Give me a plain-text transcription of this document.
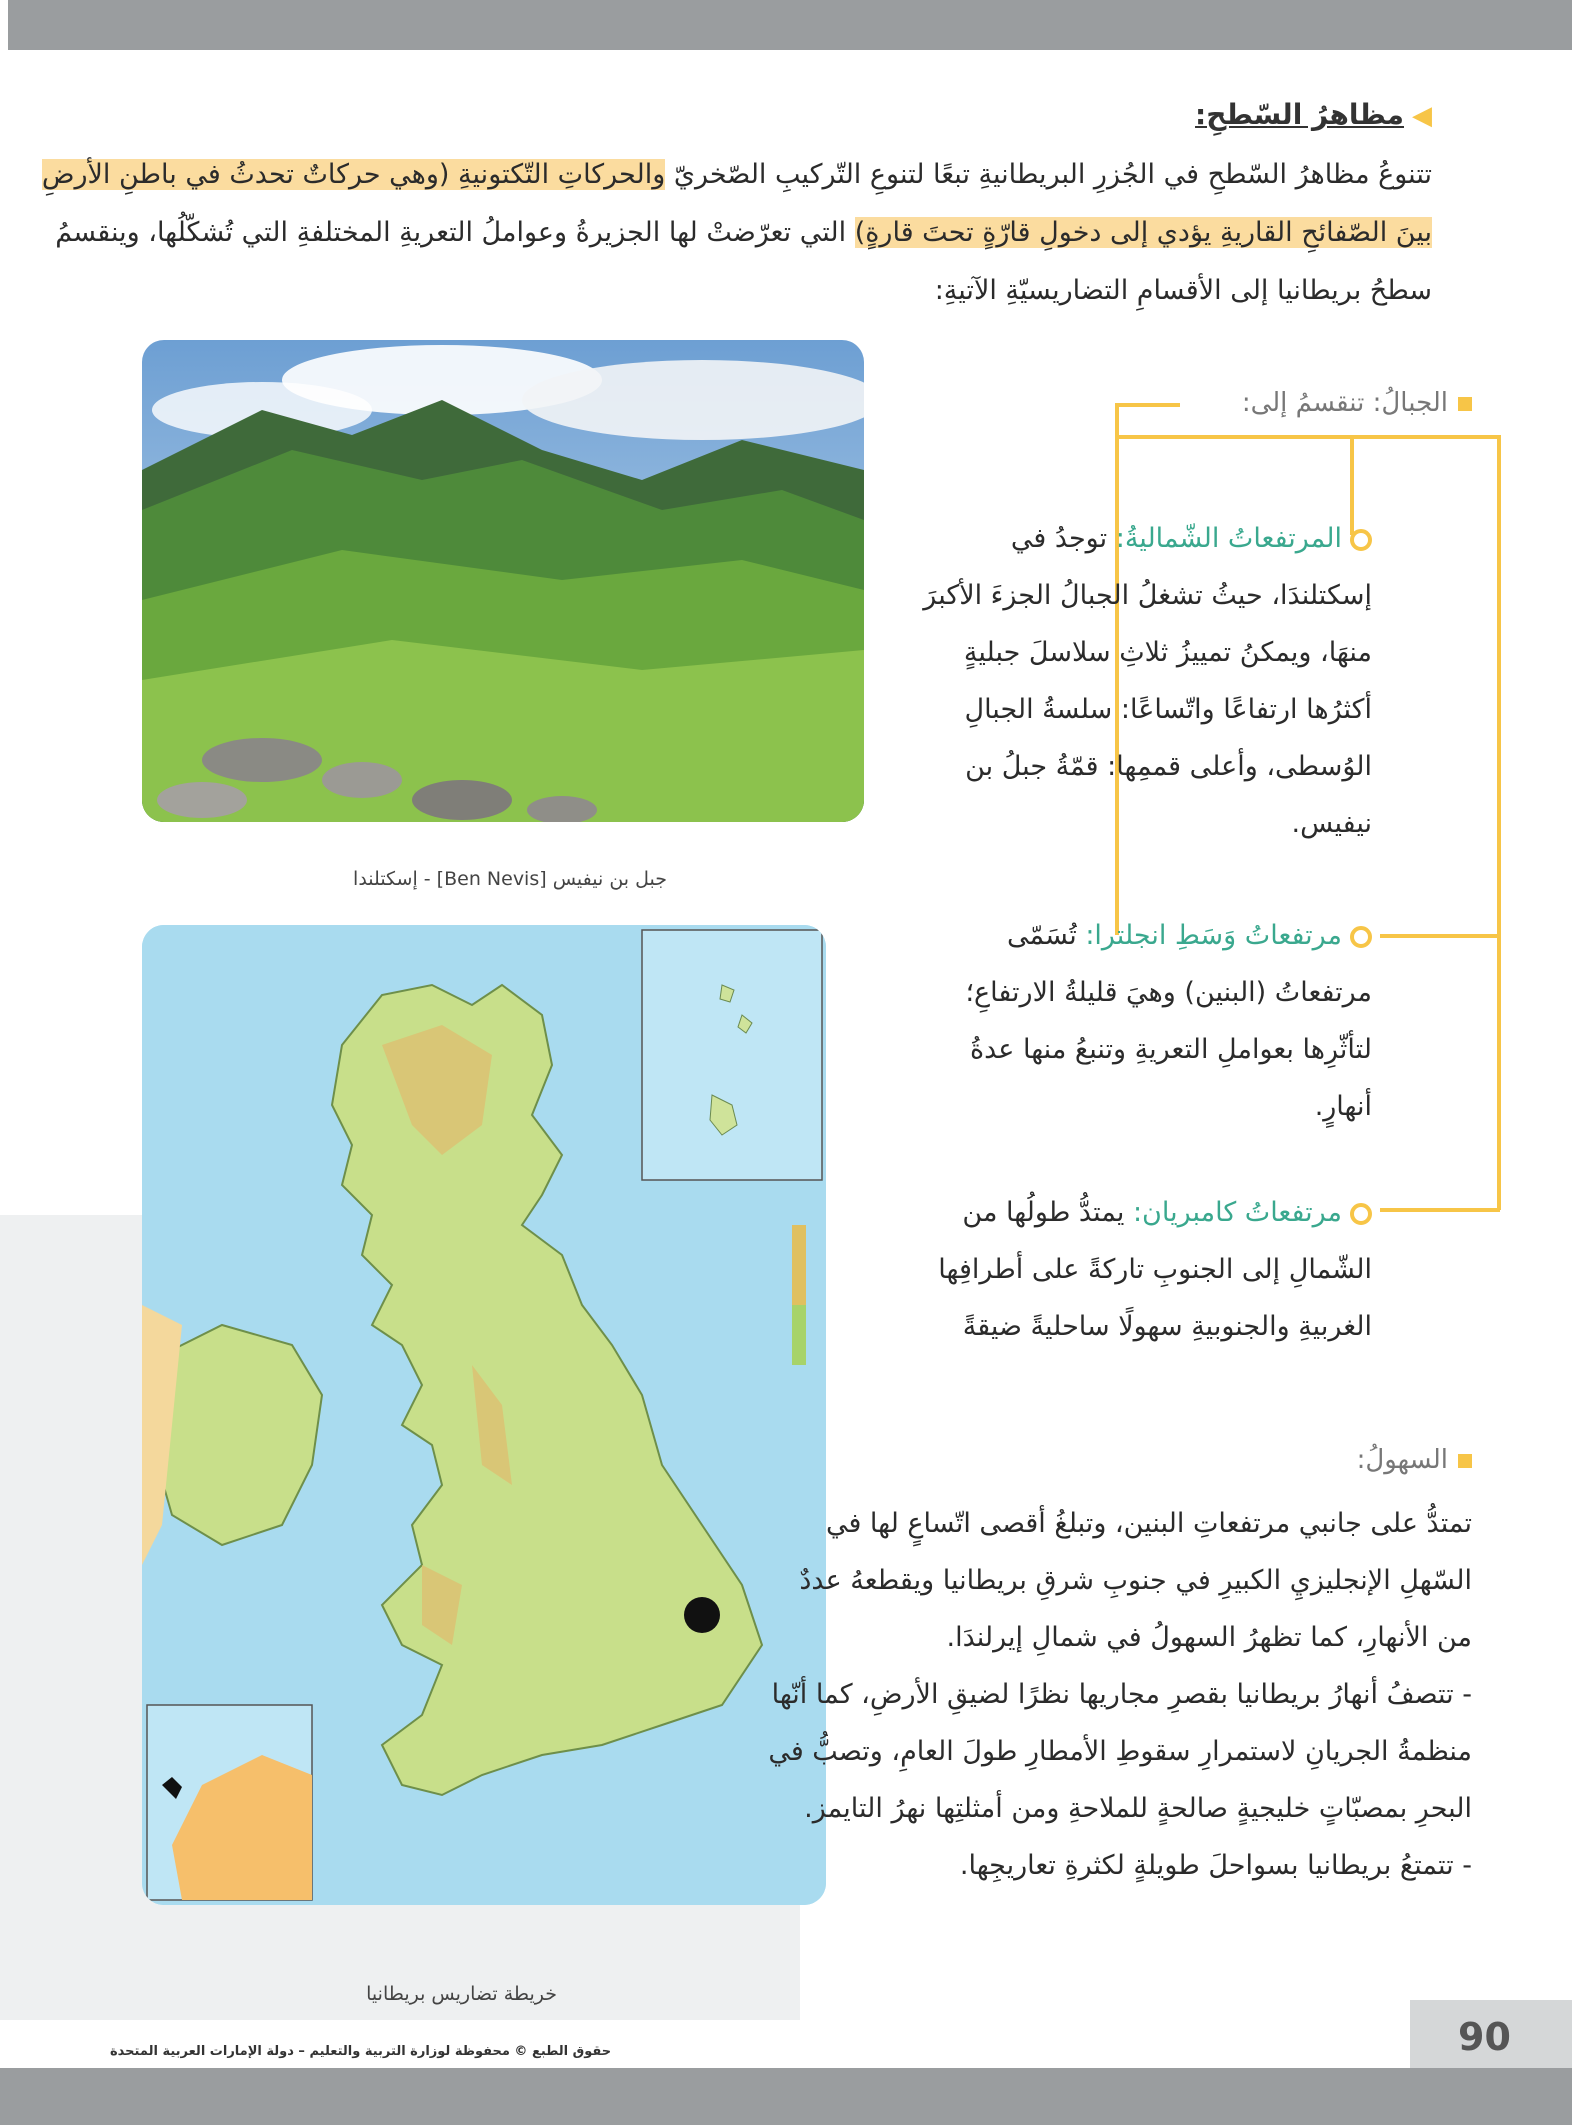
◀مظاهرُ السّطحِ:
تتنوعُ مظاهرُ السّطحِ في الجُزرِ البريطانيةِ تبعًا لتنوعِ التّركيبِ الصّخريّ والحركاتِ التّكتونيةِ (وهي حركاتٌ تحدثُ في باطنِ الأرضِ بينَ الصّفائحِ القاريةِ يؤدي إلى دخولِ قارّةٍ تحتَ قارةٍ) التي تعرّضتْ لها الجزيرةُ وعواملُ التعريةِ المختلفةِ التي تُشكّلُها، وينقسمُ سطحُ بريطانيا إلى الأقسامِ التضاريسيّةِ الآتيةِ:
جبل بن نيفيس [Ben Nevis] - إسكتلندا
الجبالُ: تنقسمُ إلى:
المرتفعاتُ الشّماليةُ: توجدُ في إسكتلندَا، حيثُ تشغلُ الجبالُ الجزءَ الأكبرَ منهَا، ويمكنُ تمييزُ ثلاثِ سلاسلَ جبليةٍ أكثرُها ارتفاعًا واتّساعًا: سلسةُ الجبالِ الوُسطى، وأعلى قممِها: قمّةُ جبلُ بن نيفيس.
مرتفعاتُ وَسَطِ انجلترا: تُسَمّى مرتفعاتُ (البنين) وهيَ قليلةُ الارتفاعِ؛ لتأثّرِها بعواملِ التعريةِ وتنبعُ منها عدةُ أنهارٍ.
مرتفعاتُ كامبريان: يمتدُّ طولُها من الشّمالِ إلى الجنوبِ تاركةً على أطرافِها الغربيةِ والجنوبيةِ سهولًا ساحليةً ضيقةً
خريطة تضاريس بريطانيا
السهولُ:
تمتدُّ على جانبي مرتفعاتِ البنين، وتبلغُ أقصى اتّساعٍ لها في السّهلِ الإنجليزيِ الكبيرِ في جنوبِ شرقِ بريطانيا ويقطعهُ عددٌ من الأنهارِ، كما تظهرُ السهولُ في شمالِ إيرلندَا.
- تتصفُ أنهارُ بريطانيا بقصرِ مجاريها نظرًا لضيقِ الأرضِ، كما أنّها منظمةُ الجريانِ لاستمرارِ سقوطِ الأمطارِ طولَ العامِ، وتصبُّ في البحرِ بمصبّاتٍ خليجيةٍ صالحةٍ للملاحةِ ومن أمثلتِها نهرُ التايمز.
- تتمتعُ بريطانيا بسواحلَ طويلةٍ لكثرةِ تعاريجِها.
90
حقوق الطبع © محفوظة لوزارة التربية والتعليم – دولة الإمارات العربية المتحدة
